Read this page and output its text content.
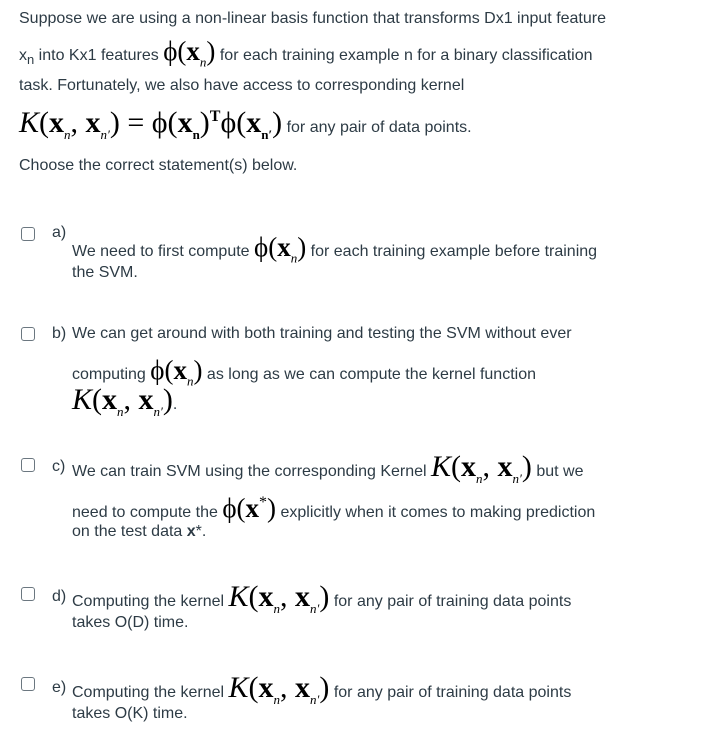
Suppose we are using a non-linear basis function that transforms Dx1 input feature
$x_n$ into Kx1 features $\phi(x_n)$ for each training example n for a binary classification
task. Fortunately, we also have access to corresponding kernel
$K(x_n$, $x_{n'}) = \phi(x_n)^T\phi(x_{n'})$ for any pair of data points.
Choose the correct statement(s) below.
a)
We need to first compute $\phi(x_n)$ for each training example before training
the SVM.
b) We can get around with both training and testing the SVM without ever
computing $\phi(x_n)$ as long as we can compute the kernel function
$K(x_n$, $x_{n'}$).
c) We can train SVM using the corresponding Kernel $K(x_n$, $x_{n'}$) but we
need to compute the ϕ(x*) explicitly when it comes to making prediction
on the test data x*.
d) Computing the kernel $K(x_n$, $x_{n'}$) for any pair of training data points
takes O(D) time.
e) Computing the kernel $K(x_n$, $x_{n'}$) for any pair of training data points
takes O(K) time.
